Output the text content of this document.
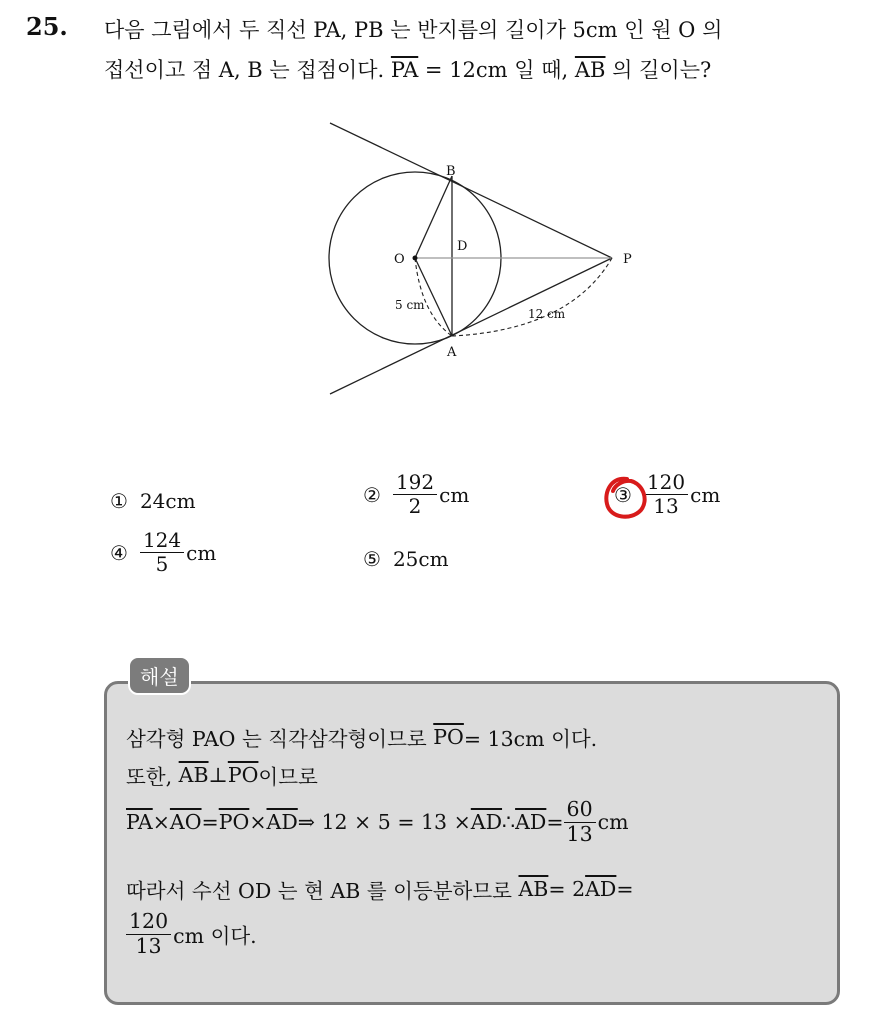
25. 다음 그림에서 두 직선 PA, PB 는 반지름의 길이가 5cm 인 원 O 의
접선이고 점 A, B 는 접점이다. $\overline{PA} = 12cm$ 일 때, $\overline{AB}$ 의 길이는?
B
O
D
P
A
5 cm
12 cm
① 24cm	② $\frac{192}{2}$ cm	③ $\frac{120}{13}$ cm
④ $\frac{124}{5}$ cm	⑤ 25cm
해설
삼각형 PAO 는 직각삼각형이므로
$\overline{PO} = 13cm$ 이다.
또한,
$\overline{AB}$ ⊥ $\overline{PO}$ 이므로
$\overline{PA} \times \overline{AO} = \overline{PO} \times \overline{AD}$ ⇒ $12 \times 5 = 13 \times \overline{AD}$ ∴ $\overline{AD} = \frac{60}{13}$ cm
따라서 수선 OD 는 현 AB 를 이등분하므로
$\overline{AB} = 2$ $\overline{AD}$ =
$\frac{120}{13}$ cm 이다.
